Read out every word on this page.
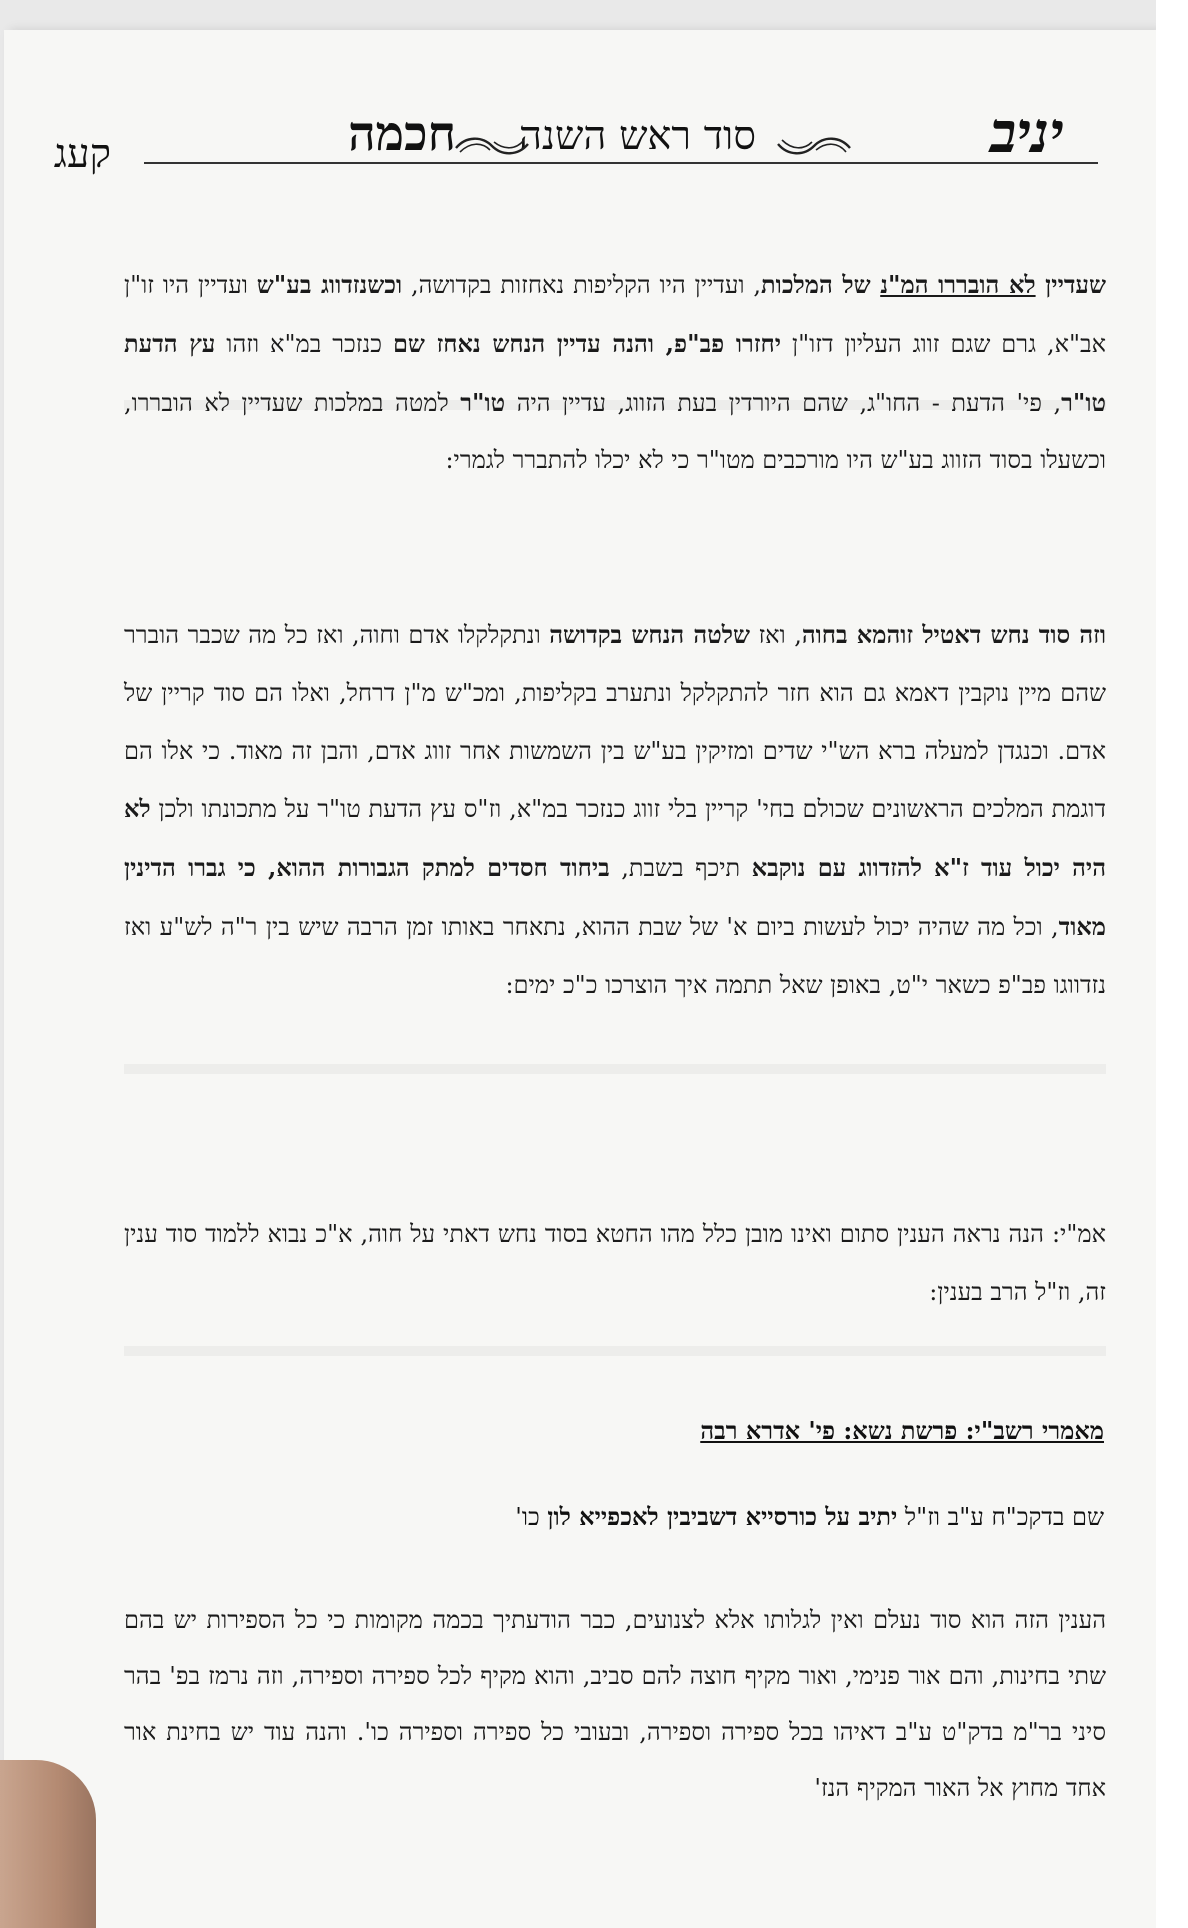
יניב
סוד ראש השנה
חכמה
קעג

שעדיין לא הובררו המ"נ של המלכות, ועדיין היו הקליפות נאחזות בקדושה, וכשנזדווג בע"ש ועדיין היו זו"ן אב"א, גרם שגם זווג העליון דזו"ן יחזרו פב"פ, והנה עדיין הנחש נאחז שם כנזכר במ"א וזהו עץ הדעת טו"ר, פי' הדעת - החו"ג, שהם היורדין בעת הזווג, עדיין היה טו"ר למטה במלכות שעדיין לא הובררו, וכשעלו בסוד הזווג בע"ש היו מורכבים מטו"ר כי לא יכלו להתברר לגמרי:

וזה סוד נחש דאטיל זוהמא בחוה, ואז שלטה הנחש בקדושה ונתקלקלו אדם וחוה, ואז כל מה שכבר הוברר שהם מיין נוקבין דאמא גם הוא חזר להתקלקל ונתערב בקליפות, ומכ"ש מ"ן דרחל, ואלו הם סוד קריין של אדם. וכנגדן למעלה ברא הש"י שדים ומזיקין בע"ש בין השמשות אחר זווג אדם, והבן זה מאוד. כי אלו הם דוגמת המלכים הראשונים שכולם בחי' קריין בלי זווג כנזכר במ"א, וז"ס עץ הדעת טו"ר על מתכונתו ולכן לא היה יכול עוד ז"א להזדווג עם נוקבא תיכף בשבת, ביחוד חסדים למתק הגבורות ההוא, כי גברו הדינין מאוד, וכל מה שהיה יכול לעשות ביום א' של שבת ההוא, נתאחר באותו זמן הרבה שיש בין ר"ה לש"ע ואז נזדווגו פב"פ כשאר י"ט, באופן שאל תתמה איך הוצרכו כ"כ ימים:

אמ"י: הנה נראה הענין סתום ואינו מובן כלל מהו החטא בסוד נחש דאתי על חוה, א"כ נבוא ללמוד סוד ענין זה, וז"ל הרב בענין:

מאמרי רשב"י: פרשת נשא: פי' אדרא רבה
שם בדקכ"ח ע"ב וז"ל יתיב על כורסייא דשביבין לאכפייא לון כו'

הענין הזה הוא סוד נעלם ואין לגלותו אלא לצנועים, כבר הודעתיך בכמה מקומות כי כל הספירות יש בהם שתי בחינות, והם אור פנימי, ואור מקיף חוצה להם סביב, והוא מקיף לכל ספירה וספירה, וזה נרמז בפ' בהר סיני בר"מ בדק"ט ע"ב דאיהו בכל ספירה וספירה, ובעובי כל ספירה וספירה כו'. והנה עוד יש בחינת אור אחד מחוץ אל האור המקיף הנז'
